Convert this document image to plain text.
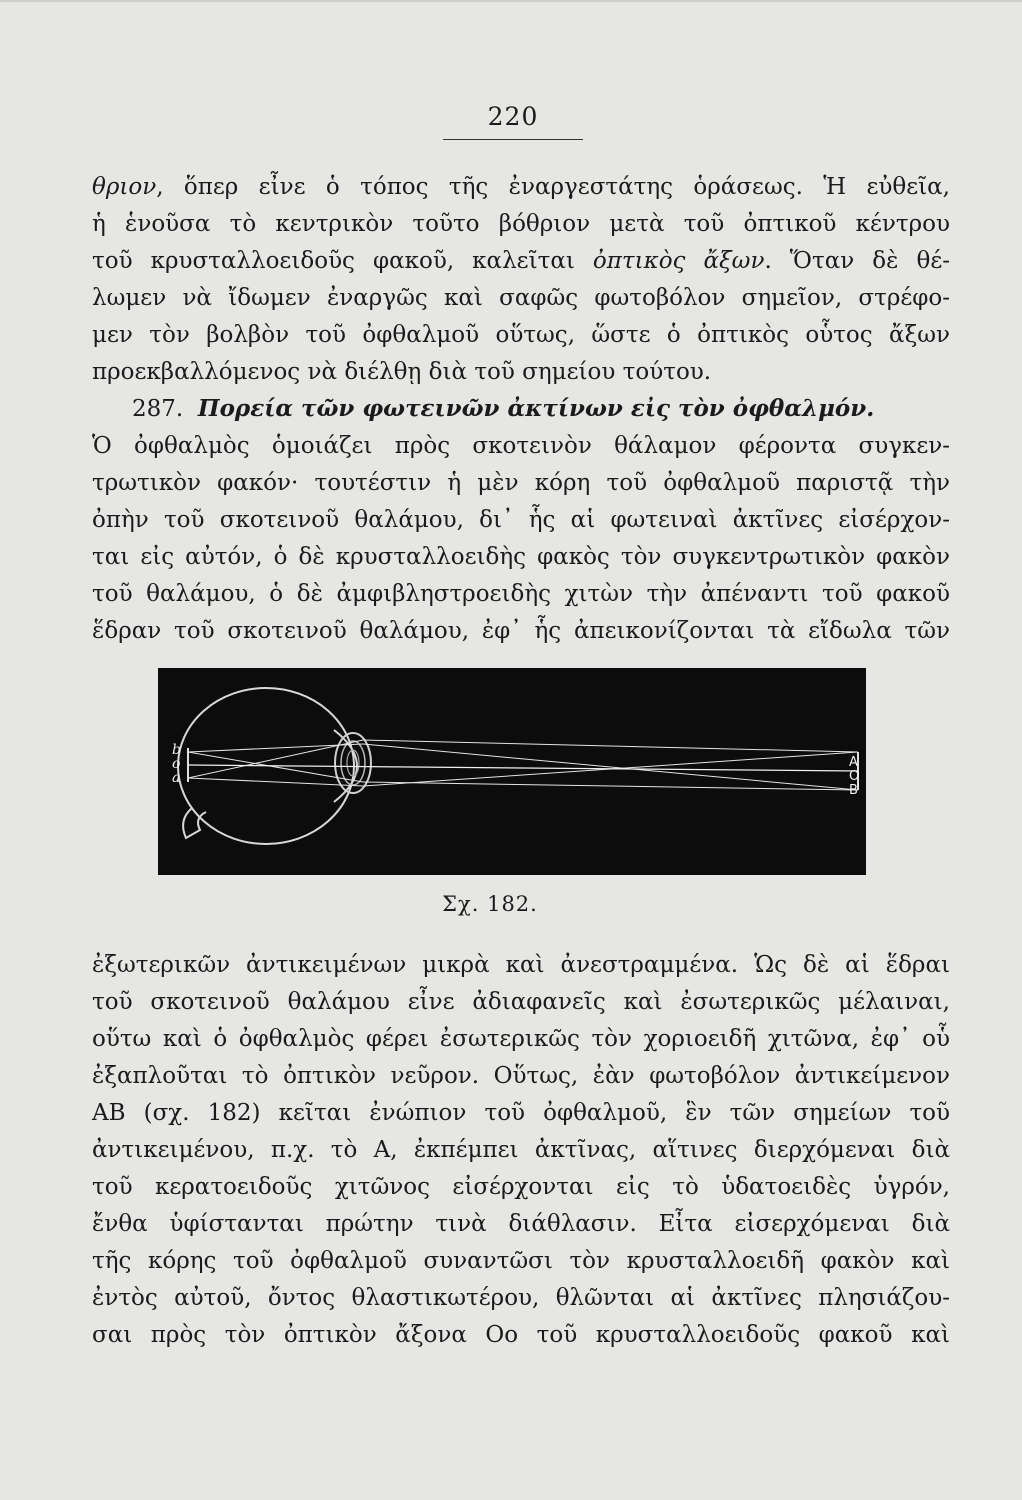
220
θριον, ὅπερ εἶνε ὁ τόπος τῆς ἐναργεστάτης ὁράσεως. Ἡ εὐθεῖα,
ἡ ἑνοῦσα τὸ κεντρικὸν τοῦτο βόθριον μετὰ τοῦ ὀπτικοῦ κέντρου
τοῦ κρυσταλλοειδοῦς φακοῦ, καλεῖται ὀπτικὸς ἄξων. Ὅταν δὲ θέ-
λωμεν νὰ ἴδωμεν ἐναργῶς καὶ σαφῶς φωτοβόλον σημεῖον, στρέφο-
μεν τὸν βολβὸν τοῦ ὀφθαλμοῦ οὕτως, ὥστε ὁ ὀπτικὸς οὗτος ἄξων
προεκβαλλόμενος νὰ διέλθῃ διὰ τοῦ σημείου τούτου.
287. Πορεία τῶν φωτεινῶν ἀκτίνων εἰς τὸν ὀφθαλμόν.
Ὁ ὀφθαλμὸς ὁμοιάζει πρὸς σκοτεινὸν θάλαμον φέροντα συγκεν-
τρωτικὸν φακόν· τουτέστιν ἡ μὲν κόρη τοῦ ὀφθαλμοῦ παριστᾷ τὴν
ὀπὴν τοῦ σκοτεινοῦ θαλάμου, δι᾽ ἧς αἱ φωτειναὶ ἀκτῖνες εἰσέρχον-
ται εἰς αὐτόν, ὁ δὲ κρυσταλλοειδὴς φακὸς τὸν συγκεντρωτικὸν φακὸν
τοῦ θαλάμου, ὁ δὲ ἀμφιβληστροειδὴς χιτὼν τὴν ἀπέναντι τοῦ φακοῦ
ἕδραν τοῦ σκοτεινοῦ θαλάμου, ἐφ᾽ ἧς ἀπεικονίζονται τὰ εἴδωλα τῶν
b
o
a
A
O
B
Σχ. 182.
ἐξωτερικῶν ἀντικειμένων μικρὰ καὶ ἀνεστραμμένα. Ὡς δὲ αἱ ἕδραι
τοῦ σκοτεινοῦ θαλάμου εἶνε ἀδιαφανεῖς καὶ ἐσωτερικῶς μέλαιναι,
οὕτω καὶ ὁ ὀφθαλμὸς φέρει ἐσωτερικῶς τὸν χοριοειδῆ χιτῶνα, ἐφ᾽ οὗ
ἐξαπλοῦται τὸ ὀπτικὸν νεῦρον. Οὕτως, ἐὰν φωτοβόλον ἀντικείμενον
ΑΒ (σχ. 182) κεῖται ἐνώπιον τοῦ ὀφθαλμοῦ, ἓν τῶν σημείων τοῦ
ἀντικειμένου, π.χ. τὸ Α, ἐκπέμπει ἀκτῖνας, αἵτινες διερχόμεναι διὰ
τοῦ κερατοειδοῦς χιτῶνος εἰσέρχονται εἰς τὸ ὑδατοειδὲς ὑγρόν,
ἔνθα ὑφίστανται πρώτην τινὰ διάθλασιν. Εἶτα εἰσερχόμεναι διὰ
τῆς κόρης τοῦ ὀφθαλμοῦ συναντῶσι τὸν κρυσταλλοειδῆ φακὸν καὶ
ἐντὸς αὐτοῦ, ὄντος θλαστικωτέρου, θλῶνται αἱ ἀκτῖνες πλησιάζου-
σαι πρὸς τὸν ὀπτικὸν ἄξονα Οο τοῦ κρυσταλλοειδοῦς φακοῦ καὶ
